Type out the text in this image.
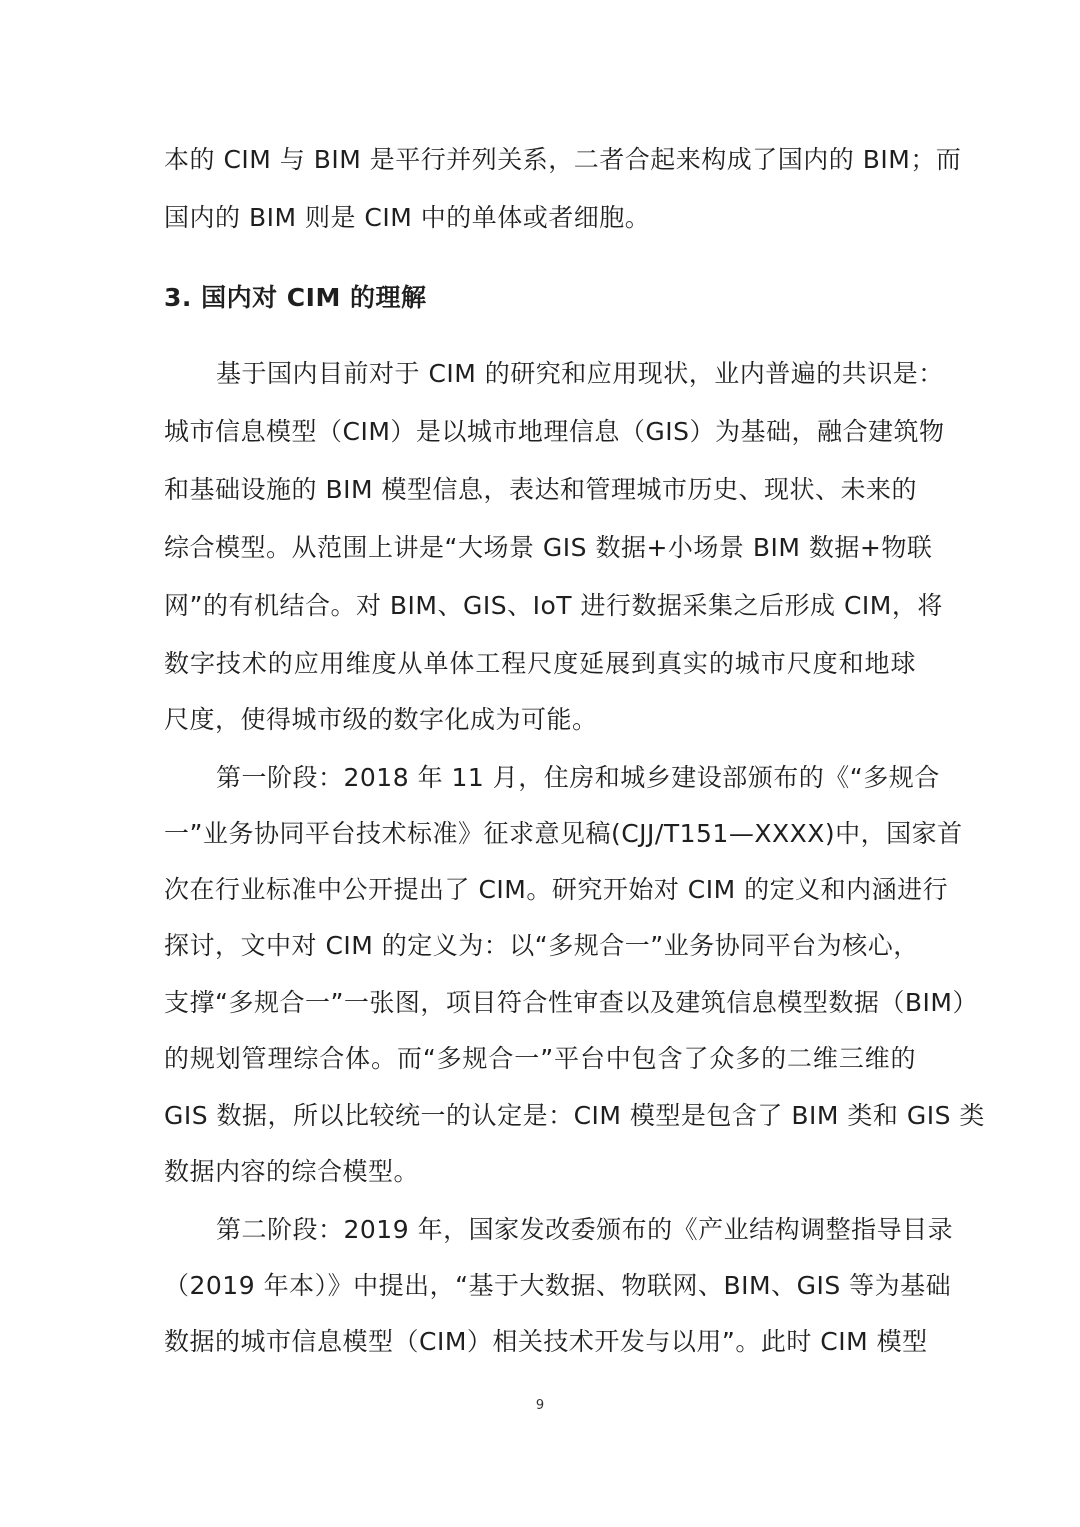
本的 CIM 与 BIM 是平行并列关系，二者合起来构成了国内的 BIM；而
国内的 BIM 则是 CIM 中的单体或者细胞。
3. 国内对 CIM 的理解
基于国内目前对于 CIM 的研究和应用现状，业内普遍的共识是：
城市信息模型（CIM）是以城市地理信息（GIS）为基础，融合建筑物
和基础设施的 BIM 模型信息，表达和管理城市历史、现状、未来的
综合模型。从范围上讲是“大场景 GIS 数据+小场景 BIM 数据+物联
网”的有机结合。对 BIM、GIS、IoT 进行数据采集之后形成 CIM，将
数字技术的应用维度从单体工程尺度延展到真实的城市尺度和地球
尺度，使得城市级的数字化成为可能。
第一阶段：2018 年 11 月，住房和城乡建设部颁布的《“多规合
一”业务协同平台技术标准》征求意见稿(CJJ/T151—XXXX)中，国家首
次在行业标准中公开提出了 CIM。研究开始对 CIM 的定义和内涵进行
探讨，文中对 CIM 的定义为：以“多规合一”业务协同平台为核心，
支撑“多规合一”一张图，项目符合性审查以及建筑信息模型数据（BIM）
的规划管理综合体。而“多规合一”平台中包含了众多的二维三维的
GIS 数据，所以比较统一的认定是：CIM 模型是包含了 BIM 类和 GIS 类
数据内容的综合模型。
第二阶段：2019 年，国家发改委颁布的《产业结构调整指导目录
（2019 年本）》中提出，“基于大数据、物联网、BIM、GIS 等为基础
数据的城市信息模型（CIM）相关技术开发与以用”。此时 CIM 模型
9
